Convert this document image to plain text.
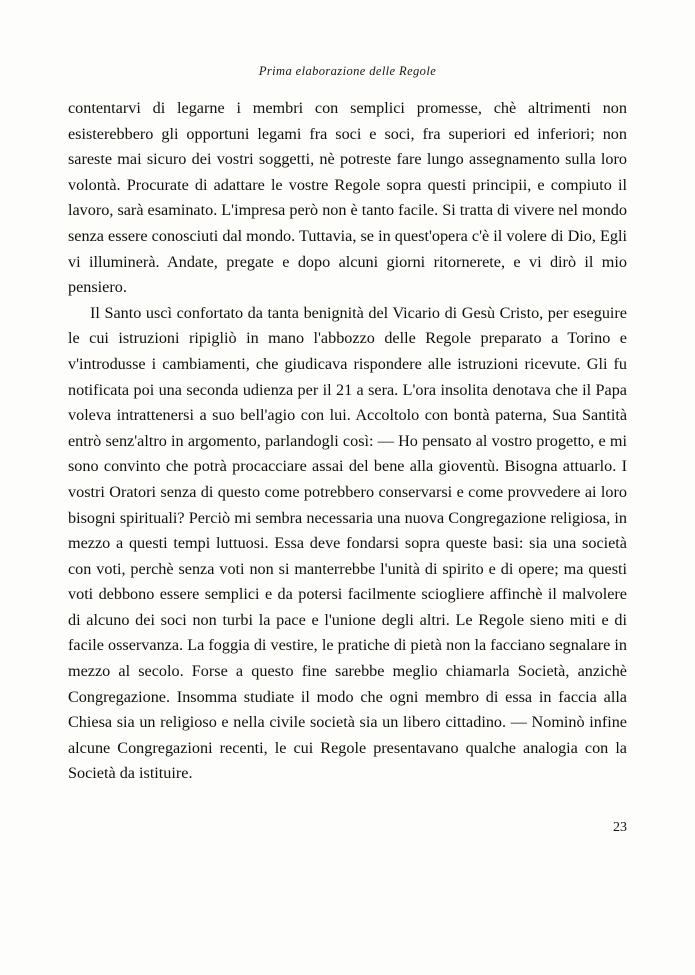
Prima elaborazione delle Regole

contentarvi di legarne i membri con semplici promesse, chè altrimenti non esisterebbero gli opportuni legami fra soci e soci, fra superiori ed inferiori; non sareste mai sicuro dei vostri soggetti, nè potreste fare lungo assegnamento sulla loro volontà. Procurate di adattare le vostre Regole sopra questi principii, e compiuto il lavoro, sarà esaminato. L'impresa però non è tanto facile. Si tratta di vivere nel mondo senza essere conosciuti dal mondo. Tuttavia, se in quest'opera c'è il volere di Dio, Egli vi illuminerà. Andate, pregate e dopo alcuni giorni ritornerete, e vi dirò il mio pensiero.

Il Santo uscì confortato da tanta benignità del Vicario di Gesù Cristo, per eseguire le cui istruzioni ripigliò in mano l'abbozzo delle Regole preparato a Torino e v'introdusse i cambiamenti, che giudicava rispondere alle istruzioni ricevute. Gli fu notificata poi una seconda udienza per il 21 a sera. L'ora insolita denotava che il Papa voleva intrattenersi a suo bell'agio con lui. Accoltolo con bontà paterna, Sua Santità entrò senz'altro in argomento, parlandogli così: — Ho pensato al vostro progetto, e mi sono convinto che potrà procacciare assai del bene alla gioventù. Bisogna attuarlo. I vostri Oratori senza di questo come potrebbero conservarsi e come provvedere ai loro bisogni spirituali? Perciò mi sembra necessaria una nuova Congregazione religiosa, in mezzo a questi tempi luttuosi. Essa deve fondarsi sopra queste basi: sia una società con voti, perchè senza voti non si manterrebbe l'unità di spirito e di opere; ma questi voti debbono essere semplici e da potersi facilmente sciogliere affinchè il malvolere di alcuno dei soci non turbi la pace e l'unione degli altri. Le Regole sieno miti e di facile osservanza. La foggia di vestire, le pratiche di pietà non la facciano segnalare in mezzo al secolo. Forse a questo fine sarebbe meglio chiamarla Società, anzichè Congregazione. Insomma studiate il modo che ogni membro di essa in faccia alla Chiesa sia un religioso e nella civile società sia un libero cittadino. — Nominò infine alcune Congregazioni recenti, le cui Regole presentavano qualche analogia con la Società da istituire.

23
